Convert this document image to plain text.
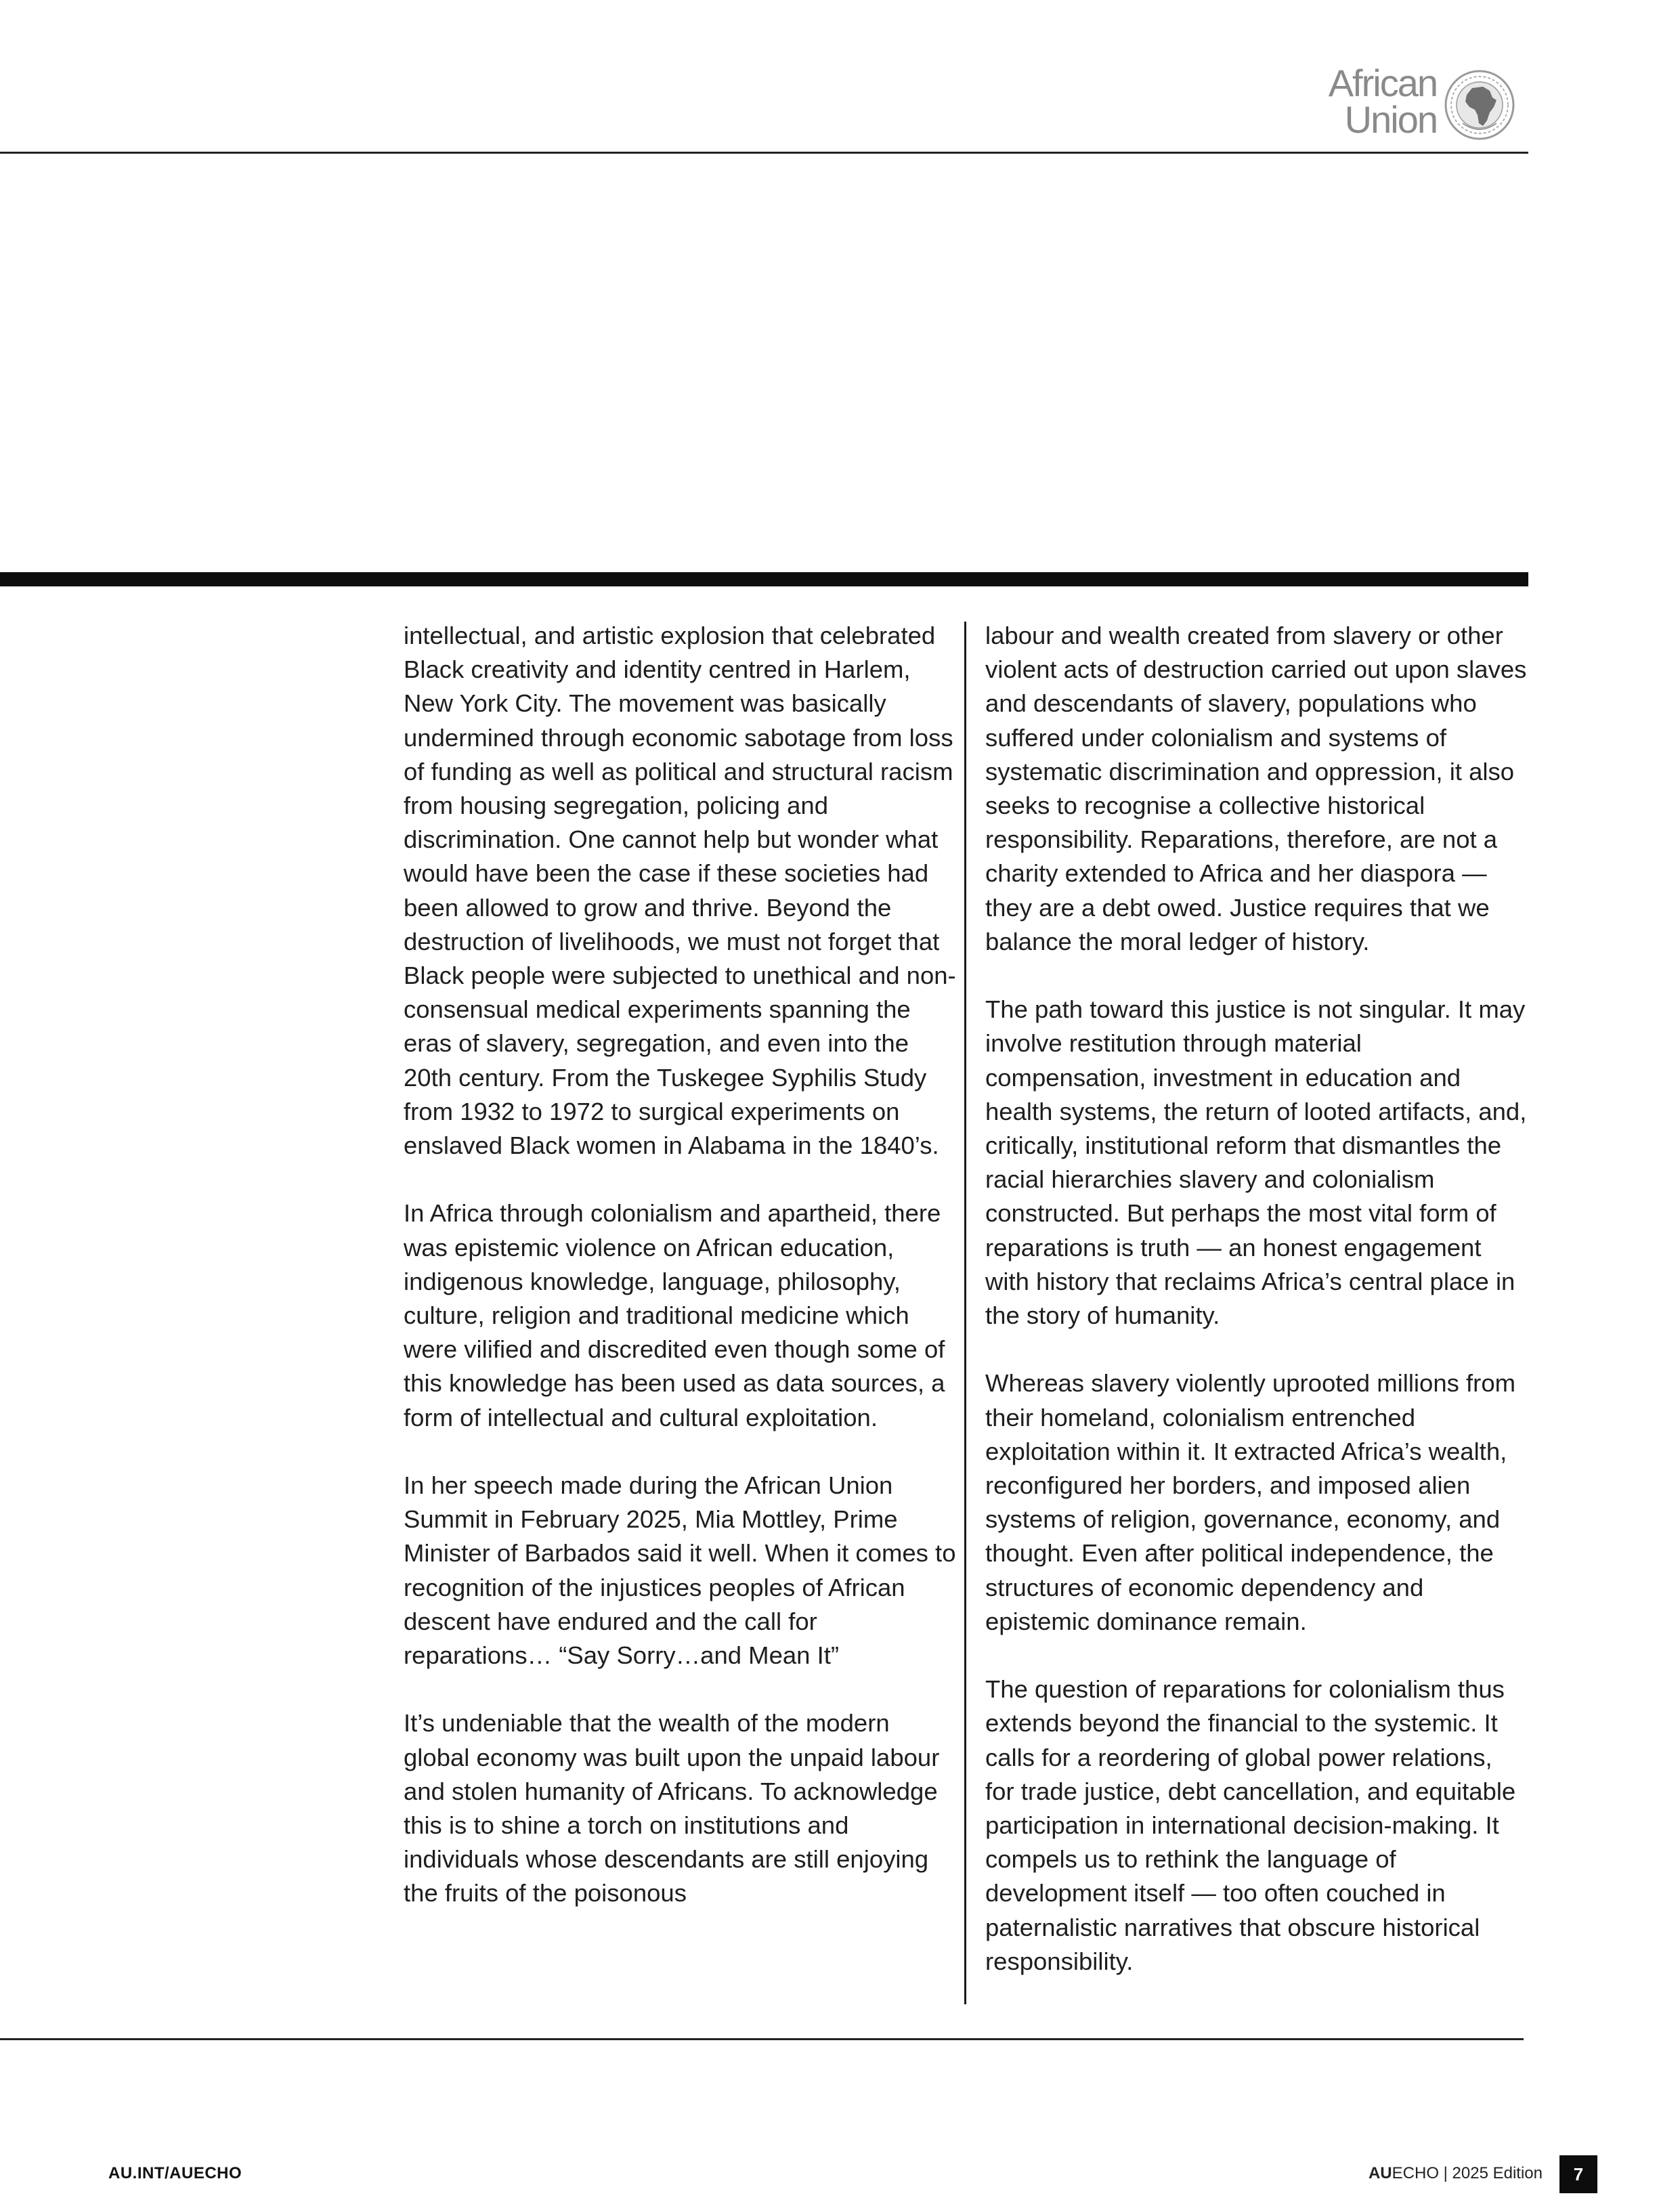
African
Union

intellectual, and artistic explosion that celebrated Black creativity and identity centred in Harlem, New York City. The movement was basically undermined through economic sabotage from loss of funding as well as political and structural racism from housing segregation, policing and discrimination. One cannot help but wonder what would have been the case if these societies had been allowed to grow and thrive. Beyond the destruction of livelihoods, we must not forget that Black people were subjected to unethical and non-consensual medical experiments spanning the eras of slavery, segregation, and even into the 20th century. From the Tuskegee Syphilis Study from 1932 to 1972 to surgical experiments on enslaved Black women in Alabama in the 1840’s.

In Africa through colonialism and apartheid, there was epistemic violence on African education, indigenous knowledge, language, philosophy, culture, religion and traditional medicine which were vilified and discredited even though some of this knowledge has been used as data sources, a form of intellectual and cultural exploitation.

In her speech made during the African Union Summit in February 2025, Mia Mottley, Prime Minister of Barbados said it well. When it comes to recognition of the injustices peoples of African descent have endured and the call for reparations… “Say Sorry…and Mean It”

It’s undeniable that the wealth of the modern global economy was built upon the unpaid labour and stolen humanity of Africans. To acknowledge this is to shine a torch on institutions and individuals whose descendants are still enjoying the fruits of the poisonous

labour and wealth created from slavery or other violent acts of destruction carried out upon slaves and descendants of slavery, populations who suffered under colonialism and systems of systematic discrimination and oppression, it also seeks to recognise a collective historical responsibility. Reparations, therefore, are not a charity extended to Africa and her diaspora — they are a debt owed. Justice requires that we balance the moral ledger of history.

The path toward this justice is not singular. It may involve restitution through material compensation, investment in education and health systems, the return of looted artifacts, and, critically, institutional reform that dismantles the racial hierarchies slavery and colonialism constructed. But perhaps the most vital form of reparations is truth — an honest engagement with history that reclaims Africa’s central place in the story of humanity.

Whereas slavery violently uprooted millions from their homeland, colonialism entrenched exploitation within it. It extracted Africa’s wealth, reconfigured her borders, and imposed alien systems of religion, governance, economy, and thought. Even after political independence, the structures of economic dependency and epistemic dominance remain.

The question of reparations for colonialism thus extends beyond the financial to the systemic. It calls for a reordering of global power relations, for trade justice, debt cancellation, and equitable participation in international decision-making. It compels us to rethink the language of development itself — too often couched in paternalistic narratives that obscure historical responsibility.

AU.INT/AUECHO	AUECHO | 2025 Edition	7
